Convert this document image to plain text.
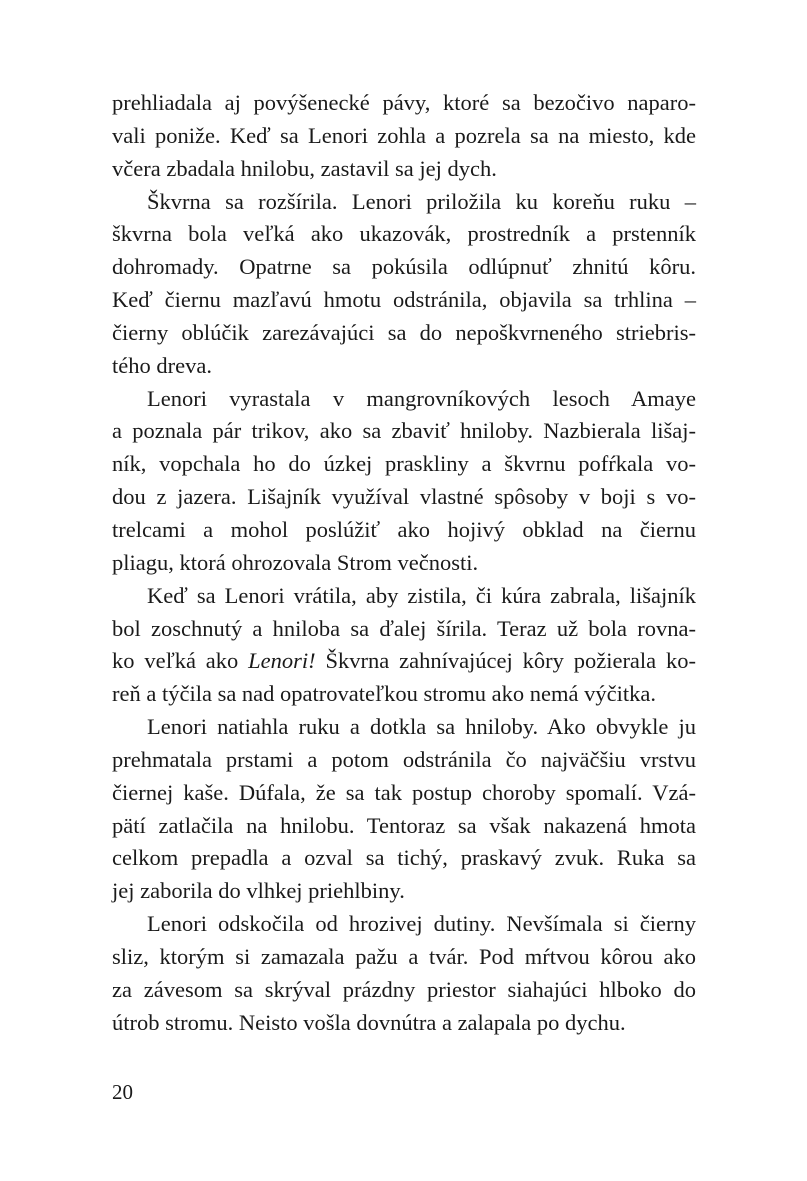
prehliadala aj povýšenecké pávy, ktoré sa bezočivo naparo-
vali poniže. Keď sa Lenori zohla a pozrela sa na miesto, kde
včera zbadala hnilobu, zastavil sa jej dych.
Škvrna sa rozšírila. Lenori priložila ku koreňu ruku –
škvrna bola veľká ako ukazovák, prostredník a prstenník
dohromady. Opatrne sa pokúsila odlúpnuť zhnitú kôru.
Keď čiernu mazľavú hmotu odstránila, objavila sa trhlina –
čierny oblúčik zarezávajúci sa do nepoškvrneného striebris-
tého dreva.
Lenori vyrastala v mangrovníkových lesoch Amaye
a poznala pár trikov, ako sa zbaviť hniloby. Nazbierala lišaj-
ník, vopchala ho do úzkej praskliny a škvrnu pofŕkala vo-
dou z jazera. Lišajník využíval vlastné spôsoby v boji s vo-
trelcami a mohol poslúžiť ako hojivý obklad na čiernu
pliagu, ktorá ohrozovala Strom večnosti.
Keď sa Lenori vrátila, aby zistila, či kúra zabrala, lišajník
bol zoschnutý a hniloba sa ďalej šírila. Teraz už bola rovna-
ko veľká ako Lenori! Škvrna zahnívajúcej kôry požierala ko-
reň a týčila sa nad opatrovateľkou stromu ako nemá výčitka.
Lenori natiahla ruku a dotkla sa hniloby. Ako obvykle ju
prehmatala prstami a potom odstránila čo najväčšiu vrstvu
čiernej kaše. Dúfala, že sa tak postup choroby spomalí. Vzá-
pätí zatlačila na hnilobu. Tentoraz sa však nakazená hmota
celkom prepadla a ozval sa tichý, praskavý zvuk. Ruka sa
jej zaborila do vlhkej priehlbiny.
Lenori odskočila od hrozivej dutiny. Nevšímala si čierny
sliz, ktorým si zamazala pažu a tvár. Pod mŕtvou kôrou ako
za závesom sa skrýval prázdny priestor siahajúci hlboko do
útrob stromu. Neisto vošla dovnútra a zalapala po dychu.
20
